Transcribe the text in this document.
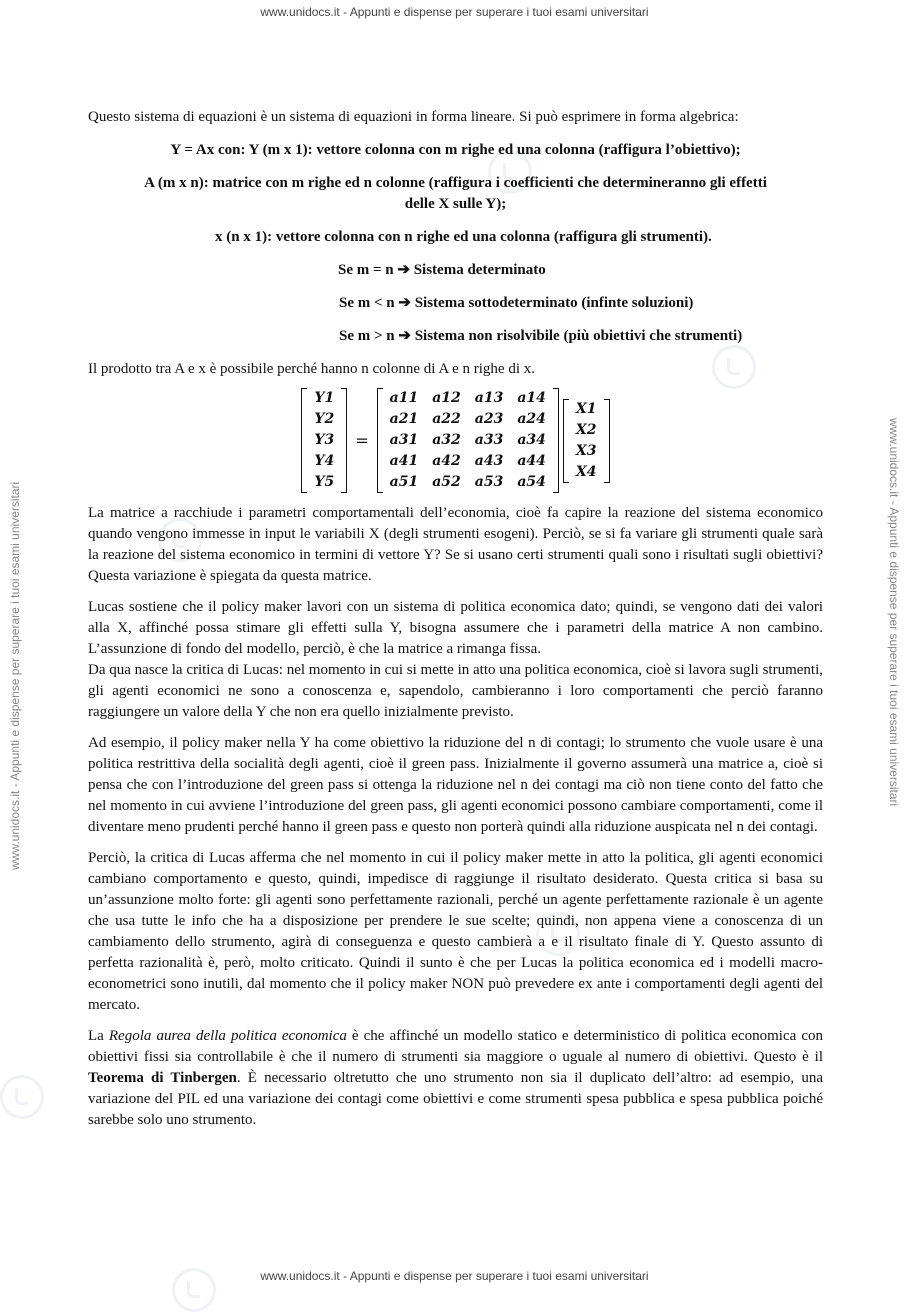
www.unidocs.it - Appunti e dispense per superare i tuoi esami universitari
www.unidocs.it - Appunti e dispense per superare i tuoi esami universitari
www.unidocs.it - Appunti e dispense per superare i tuoi esami universitari	www.unidocs.it - Appunti e dispense per superare i tuoi esami universitari

Questo sistema di equazioni è un sistema di equazioni in forma lineare. Si può esprimere in forma algebrica:

Y = Ax con: Y (m x 1): vettore colonna con m righe ed una colonna (raffigura l’obiettivo);

A (m x n): matrice con m righe ed n colonne (raffigura i coefficienti che determineranno gli effetti

delle X sulle Y);

x (n x 1): vettore colonna con n righe ed una colonna (raffigura gli strumenti).

Se m = n ➔ Sistema determinato

Se m < n ➔ Sistema sottodeterminato (infinte soluzioni)

Se m > n ➔ Sistema non risolvibile (più obiettivi che strumenti)

Il prodotto tra A e x è possibile perché hanno n colonne di A e n righe di x.

Y1
Y2
Y3
Y4
Y5
=
a11	a12	a13	a14
a21	a22	a23	a24
a31	a32	a33	a34
a41	a42	a43	a44
a51	a52	a53	a54
X1
X2
X3
X4

La matrice a racchiude i parametri comportamentali dell’economia, cioè fa capire la reazione del sistema economico quando vengono immesse in input le variabili X (degli strumenti esogeni). Perciò, se si fa variare gli strumenti quale sarà la reazione del sistema economico in termini di vettore Y? Se si usano certi strumenti quali sono i risultati sugli obiettivi? Questa variazione è spiegata da questa matrice.

Lucas sostiene che il policy maker lavori con un sistema di politica economica dato; quindi, se vengono dati dei valori alla X, affinché possa stimare gli effetti sulla Y, bisogna assumere che i parametri della matrice A non cambino. L’assunzione di fondo del modello, perciò, è che la matrice a rimanga fissa.

Da qua nasce la critica di Lucas: nel momento in cui si mette in atto una politica economica, cioè si lavora sugli strumenti, gli agenti economici ne sono a conoscenza e, sapendolo, cambieranno i loro comportamenti che perciò faranno raggiungere un valore della Y che non era quello inizialmente previsto.

Ad esempio, il policy maker nella Y ha come obiettivo la riduzione del n di contagi; lo strumento che vuole usare è una politica restrittiva della socialità degli agenti, cioè il green pass. Inizialmente il governo assumerà una matrice a, cioè si pensa che con l’introduzione del green pass si ottenga la riduzione nel n dei contagi ma ciò non tiene conto del fatto che nel momento in cui avviene l’introduzione del green pass, gli agenti economici possono cambiare comportamenti, come il diventare meno prudenti perché hanno il green pass e questo non porterà quindi alla riduzione auspicata nel n dei contagi.

Perciò, la critica di Lucas afferma che nel momento in cui il policy maker mette in atto la politica, gli agenti economici cambiano comportamento e questo, quindi, impedisce di raggiunge il risultato desiderato. Questa critica si basa su un’assunzione molto forte: gli agenti sono perfettamente razionali, perché un agente perfettamente razionale è un agente che usa tutte le info che ha a disposizione per prendere le sue scelte; quindi, non appena viene a conoscenza di un cambiamento dello strumento, agirà di conseguenza e questo cambierà a e il risultato finale di Y. Questo assunto di perfetta razionalità è, però, molto criticato. Quindi il sunto è che per Lucas la politica economica ed i modelli macro-econometrici sono inutili, dal momento che il policy maker NON può prevedere ex ante i comportamenti degli agenti del mercato.

La Regola aurea della politica economica è che affinché un modello statico e deterministico di politica economica con obiettivi fissi sia controllabile è che il numero di strumenti sia maggiore o uguale al numero di obiettivi. Questo è il Teorema di Tinbergen. È necessario oltretutto che uno strumento non sia il duplicato dell’altro: ad esempio, una variazione del PIL ed una variazione dei contagi come obiettivi e come strumenti spesa pubblica e spesa pubblica poiché sarebbe solo uno strumento.
